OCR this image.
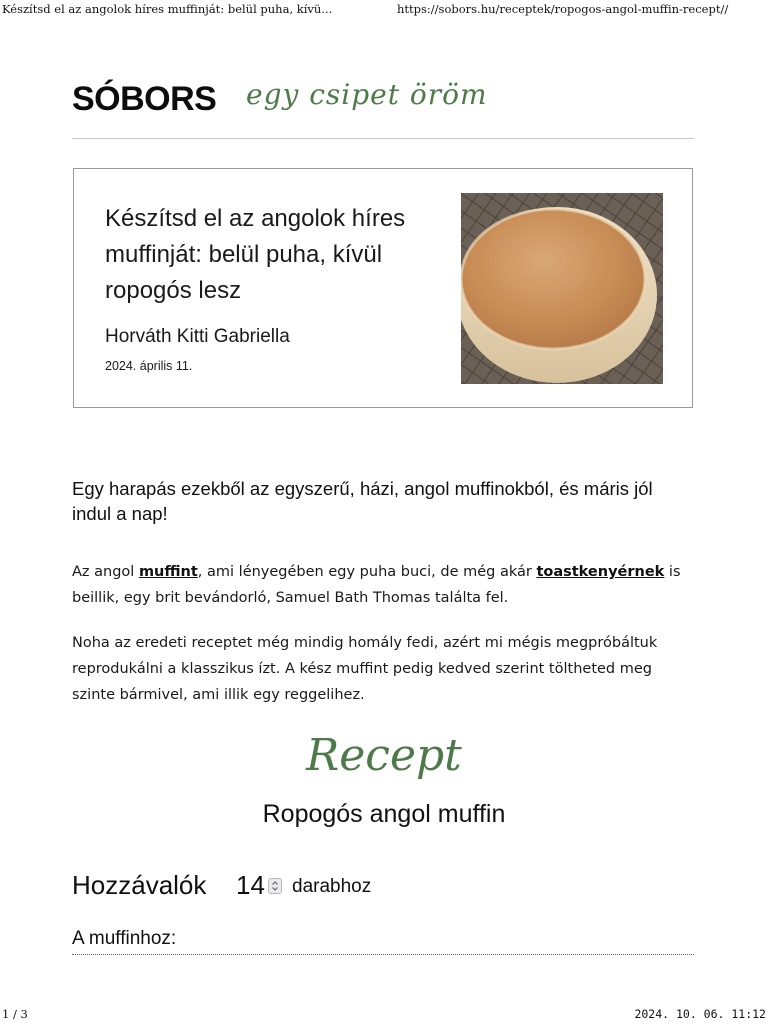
Készítsd el az angolok híres muffinját: belül puha, kívü...	https://sobors.hu/receptek/ropogos-angol-muffin-recept//
SÓBORS egy csipet öröm
Készítsd el az angolok híres muffinját: belül puha, kívül ropogós lesz
Horváth Kitti Gabriella
2024. április 11.

Egy harapás ezekből az egyszerű, házi, angol muffinokból, és máris jól indul a nap!

Az angol muffint, ami lényegében egy puha buci, de még akár toastkenyérnek is beillik, egy brit bevándorló, Samuel Bath Thomas találta fel.

Noha az eredeti receptet még mindig homály fedi, azért mi mégis megpróbáltuk reprodukálni a klasszikus ízt. A kész muffint pedig kedved szerint töltheted meg szinte bármivel, ami illik egy reggelihez.

Recept
Ropogós angol muffin
Hozzávalók 14 darabhoz
A muffinhoz:
1 / 3	2024. 10. 06. 11:12
